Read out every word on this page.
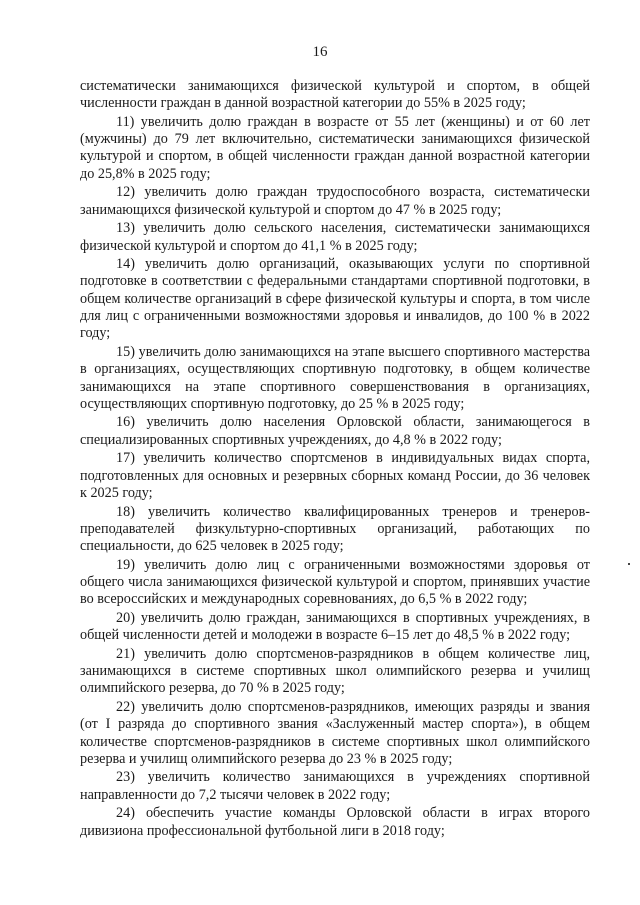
16

систематически занимающихся физической культурой и спортом, в общей численности граждан в данной возрастной категории до 55% в 2025 году;

11) увеличить долю граждан в возрасте от 55 лет (женщины) и от 60 лет (мужчины) до 79 лет включительно, систематически занимающихся физической культурой и спортом, в общей численности граждан данной возрастной категории до 25,8% в 2025 году;

12) увеличить долю граждан трудоспособного возраста, систематически занимающихся физической культурой и спортом до 47 % в 2025 году;

13) увеличить долю сельского населения, систематически занимающихся физической культурой и спортом до 41,1 % в 2025 году;

14) увеличить долю организаций, оказывающих услуги по спортивной подготовке в соответствии с федеральными стандартами спортивной подготовки, в общем количестве организаций в сфере физической культуры и спорта, в том числе для лиц с ограниченными возможностями здоровья и инвалидов, до 100 % в 2022 году;

15) увеличить долю занимающихся на этапе высшего спортивного мастерства в организациях, осуществляющих спортивную подготовку, в общем количестве занимающихся на этапе спортивного совершенствования в организациях, осуществляющих спортивную подготовку, до 25 % в 2025 году;

16) увеличить долю населения Орловской области, занимающегося в специализированных спортивных учреждениях, до 4,8 % в 2022 году;

17) увеличить количество спортсменов в индивидуальных видах спорта, подготовленных для основных и резервных сборных команд России, до 36 человек к 2025 году;

18) увеличить количество квалифицированных тренеров и тренеров-преподавателей физкультурно-спортивных организаций, работающих по специальности, до 625 человек в 2025 году;

19) увеличить долю лиц с ограниченными возможностями здоровья от общего числа занимающихся физической культурой и спортом, принявших участие во всероссийских и международных соревнованиях, до 6,5 % в 2022 году;

20) увеличить долю граждан, занимающихся в спортивных учреждениях, в общей численности детей и молодежи в возрасте 6–15 лет до 48,5 % в 2022 году;

21) увеличить долю спортсменов-разрядников в общем количестве лиц, занимающихся в системе спортивных школ олимпийского резерва и училищ олимпийского резерва, до 70 % в 2025 году;

22) увеличить долю спортсменов-разрядников, имеющих разряды и звания (от I разряда до спортивного звания «Заслуженный мастер спорта»), в общем количестве спортсменов-разрядников в системе спортивных школ олимпийского резерва и училищ олимпийского резерва до 23 % в 2025 году;

23) увеличить количество занимающихся в учреждениях спортивной направленности до 7,2 тысячи человек в 2022 году;

24) обеспечить участие команды Орловской области в играх второго дивизиона профессиональной футбольной лиги в 2018 году;
